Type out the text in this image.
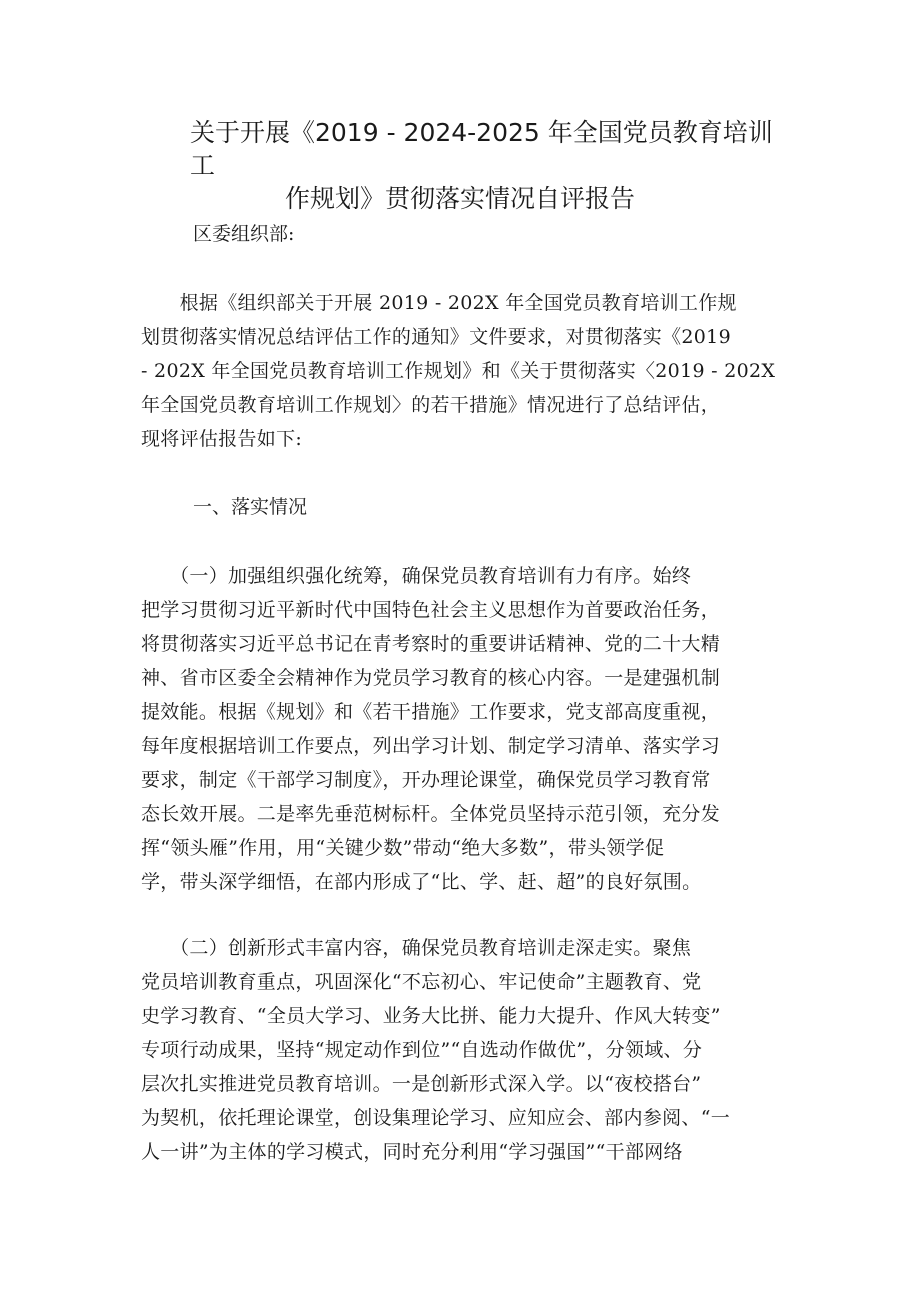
关于开展《2019 - 2024-2025 年全国党员教育培训工
作规划》贯彻落实情况自评报告
区委组织部:
　　根据《组织部关于开展 2019 - 202X 年全国党员教育培训工作规
划贯彻落实情况总结评估工作的通知》文件要求，对贯彻落实《2019
- 202X 年全国党员教育培训工作规划》和《关于贯彻落实〈2019 - 202X
年全国党员教育培训工作规划〉的若干措施》情况进行了总结评估，
现将评估报告如下:
一、落实情况
　　（一）加强组织强化统筹，确保党员教育培训有力有序。始终
把学习贯彻习近平新时代中国特色社会主义思想作为首要政治任务，
将贯彻落实习近平总书记在青考察时的重要讲话精神、党的二十大精
神、省市区委全会精神作为党员学习教育的核心内容。一是建强机制
提效能。根据《规划》和《若干措施》工作要求，党支部高度重视，
每年度根据培训工作要点，列出学习计划、制定学习清单、落实学习
要求，制定《干部学习制度》，开办理论课堂，确保党员学习教育常
态长效开展。二是率先垂范树标杆。全体党员坚持示范引领，充分发
挥“领头雁”作用，用“关键少数”带动“绝大多数”，带头领学促
学，带头深学细悟，在部内形成了“比、学、赶、超”的良好氛围。
　　（二）创新形式丰富内容，确保党员教育培训走深走实。聚焦
党员培训教育重点，巩固深化“不忘初心、牢记使命”主题教育、党
史学习教育、“全员大学习、业务大比拼、能力大提升、作风大转变”
专项行动成果，坚持“规定动作到位”“自选动作做优”，分领域、分
层次扎实推进党员教育培训。一是创新形式深入学。以“夜校搭台”
为契机，依托理论课堂，创设集理论学习、应知应会、部内参阅、“一
人一讲”为主体的学习模式，同时充分利用“学习强国”“干部网络
